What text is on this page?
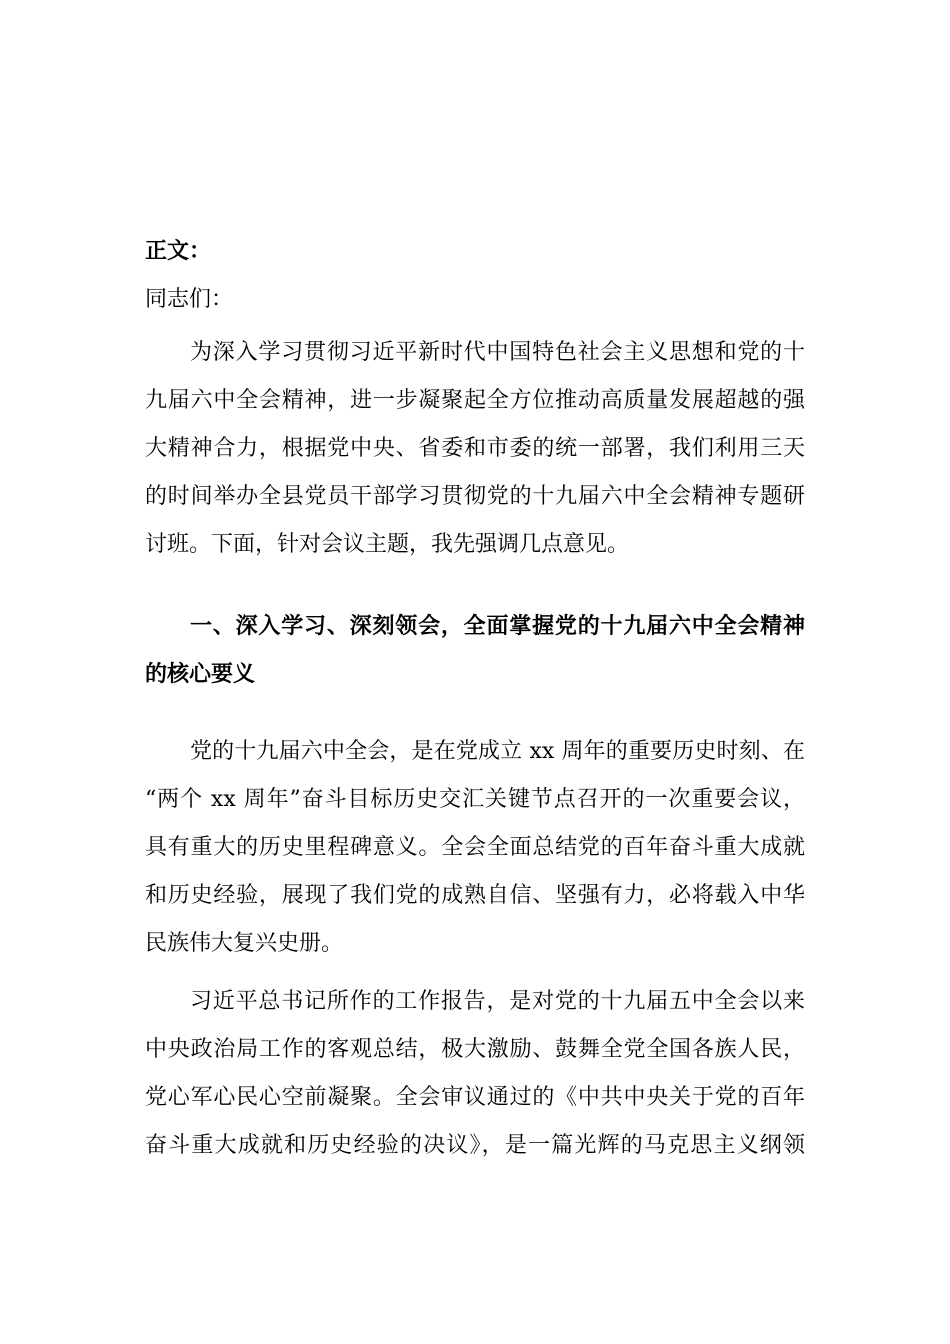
正文：
同志们：
为深入学习贯彻习近平新时代中国特色社会主义思想和党的十
九届六中全会精神，进一步凝聚起全方位推动高质量发展超越的强
大精神合力，根据党中央、省委和市委的统一部署，我们利用三天
的时间举办全县党员干部学习贯彻党的十九届六中全会精神专题研
讨班。下面，针对会议主题，我先强调几点意见。
一、深入学习、深刻领会，全面掌握党的十九届六中全会精神
的核心要义
党的十九届六中全会，是在党成立 xx 周年的重要历史时刻、在
“两个 xx 周年”奋斗目标历史交汇关键节点召开的一次重要会议，
具有重大的历史里程碑意义。全会全面总结党的百年奋斗重大成就
和历史经验，展现了我们党的成熟自信、坚强有力，必将载入中华
民族伟大复兴史册。
习近平总书记所作的工作报告，是对党的十九届五中全会以来
中央政治局工作的客观总结，极大激励、鼓舞全党全国各族人民，
党心军心民心空前凝聚。全会审议通过的《中共中央关于党的百年
奋斗重大成就和历史经验的决议》，是一篇光辉的马克思主义纲领
